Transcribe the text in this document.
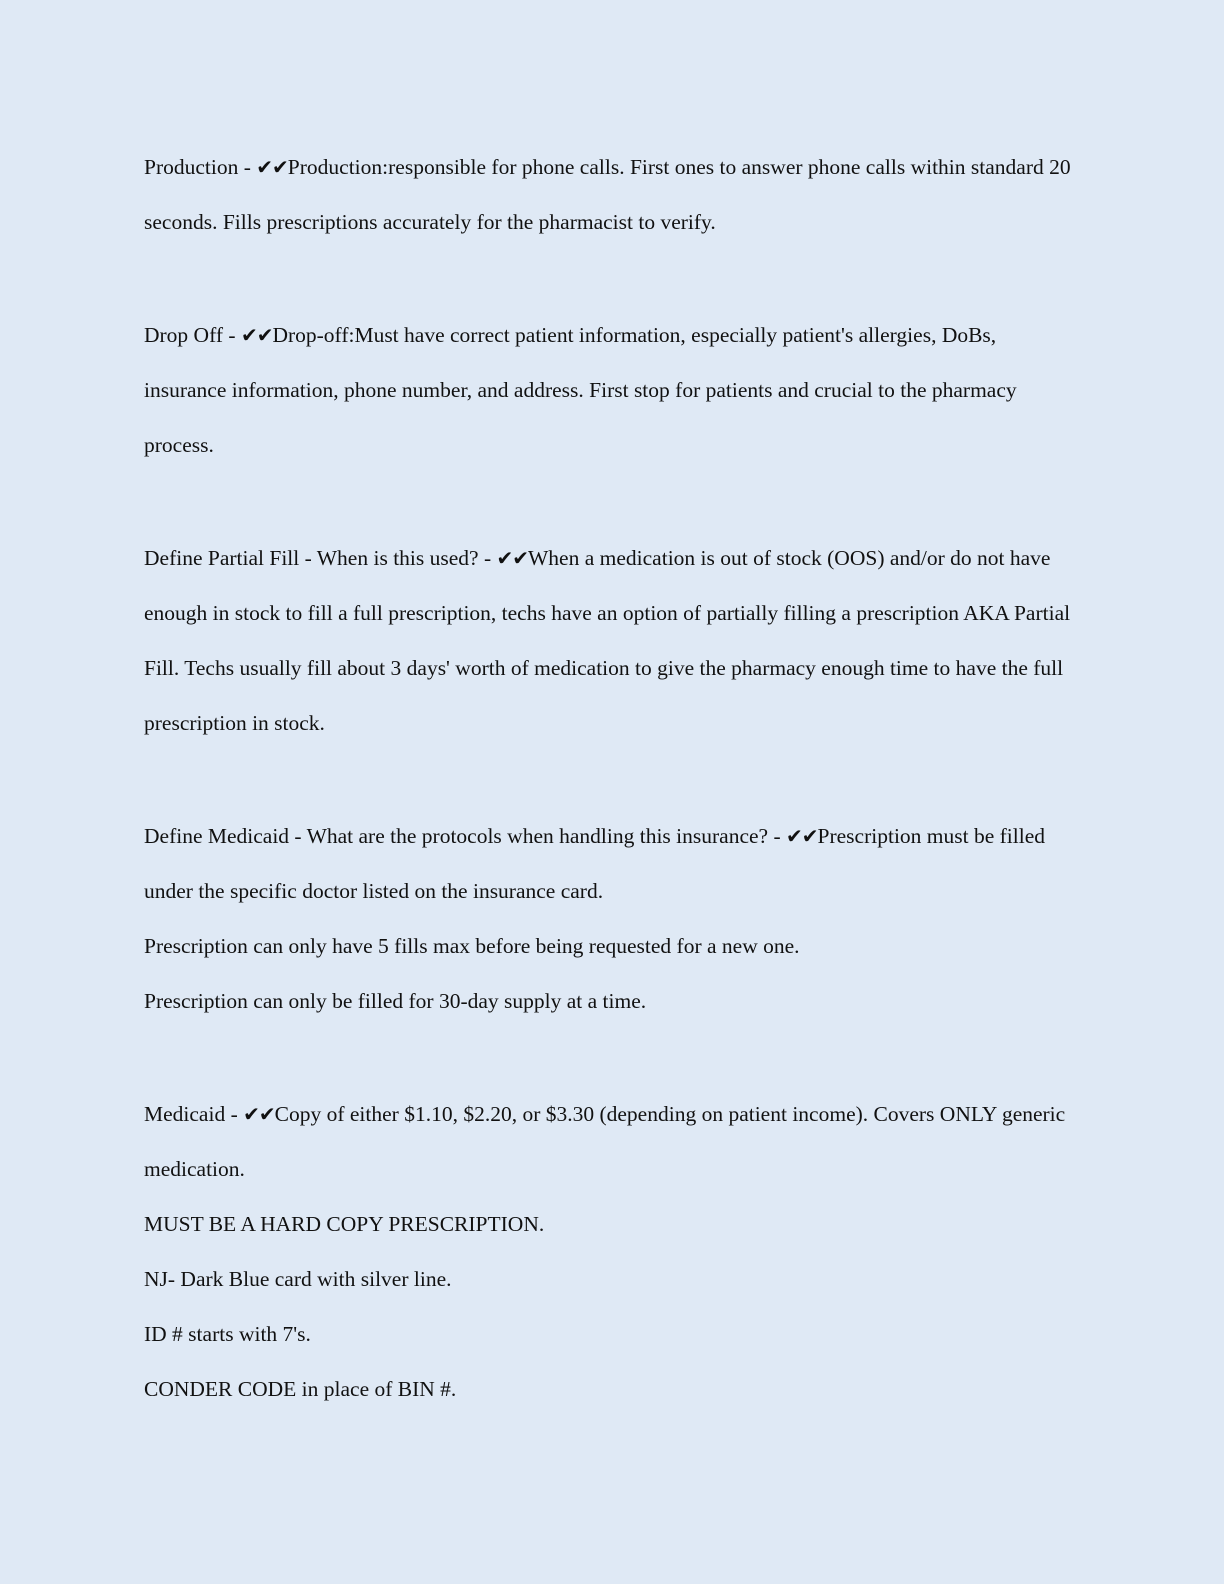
Production - ✔✔Production:responsible for phone calls. First ones to answer phone calls within standard 20 seconds. Fills prescriptions accurately for the pharmacist to verify.

Drop Off - ✔✔Drop-off:Must have correct patient information, especially patient's allergies, DoBs, insurance information, phone number, and address. First stop for patients and crucial to the pharmacy process.

Define Partial Fill - When is this used? - ✔✔When a medication is out of stock (OOS) and/or do not have enough in stock to fill a full prescription, techs have an option of partially filling a prescription AKA Partial Fill. Techs usually fill about 3 days' worth of medication to give the pharmacy enough time to have the full prescription in stock.

Define Medicaid - What are the protocols when handling this insurance? - ✔✔Prescription must be filled under the specific doctor listed on the insurance card.

Prescription can only have 5 fills max before being requested for a new one.

Prescription can only be filled for 30-day supply at a time.

Medicaid - ✔✔Copy of either $1.10, $2.20, or $3.30 (depending on patient income). Covers ONLY generic medication.

MUST BE A HARD COPY PRESCRIPTION.

NJ- Dark Blue card with silver line.

ID # starts with 7's.

CONDER CODE in place of BIN #.
